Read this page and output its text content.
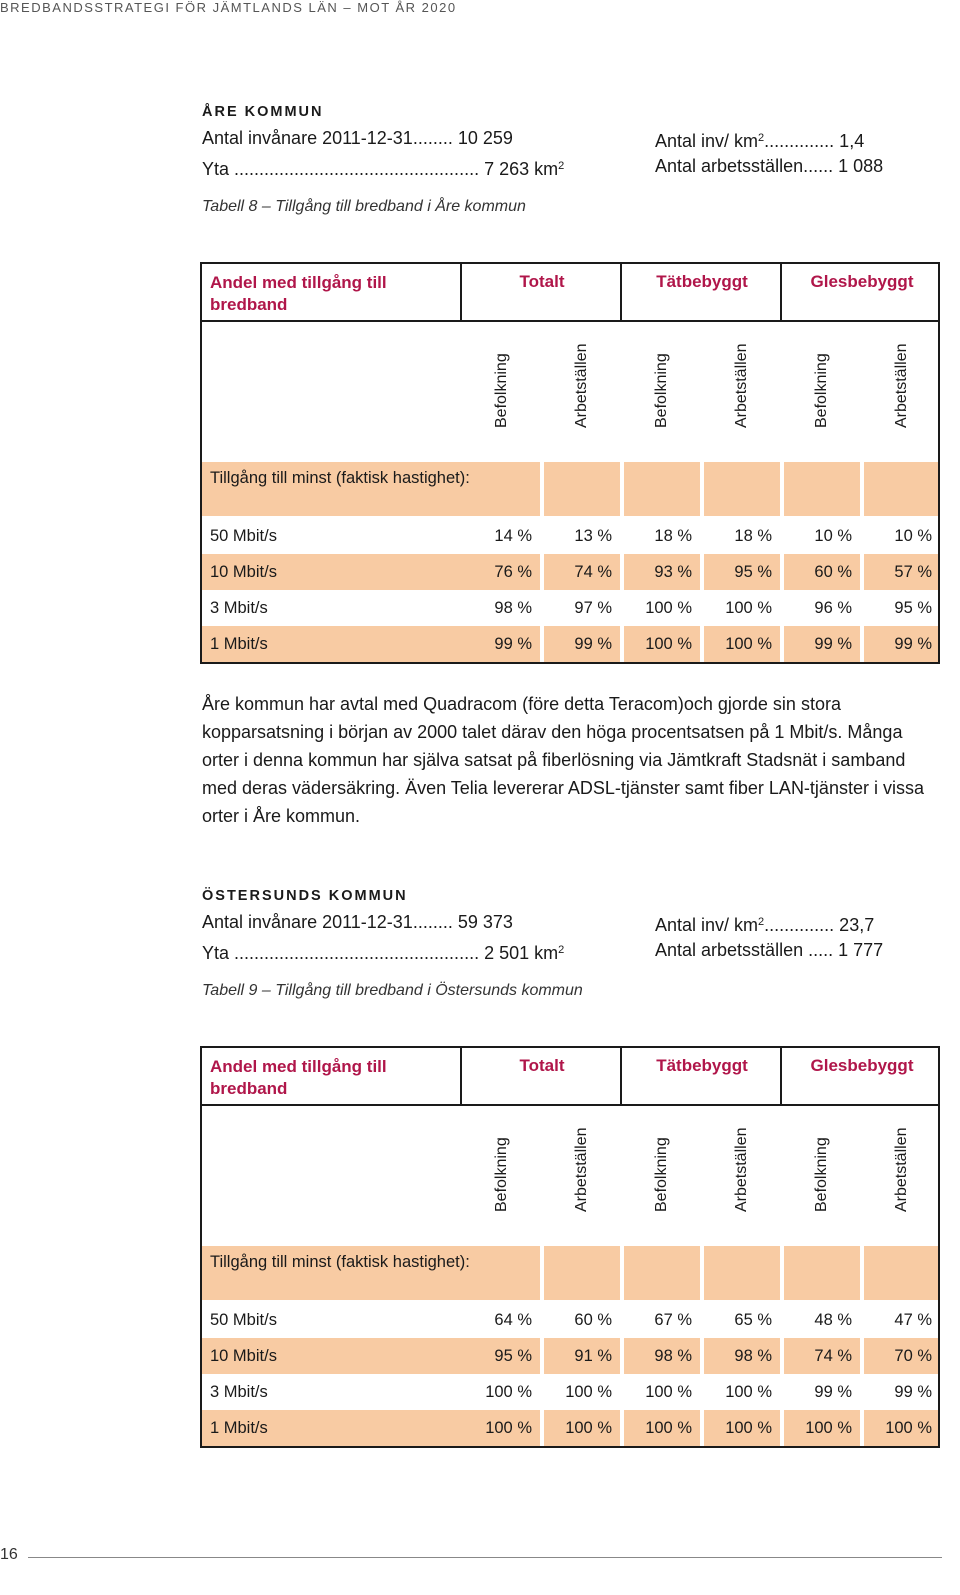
BREDBANDSSTRATEGI FÖR JÄMTLANDS LÄN – MOT ÅR 2020
ÅRE KOMMUN
Antal invånare 2011-12-31........ 10 259
Yta ................................................. 7 263 $km^2$
Antal inv/ $km^2$.............. 1,4
Antal arbetsställen...... 1 088
Tabell 8 – Tillgång till bredband i Åre kommun
Andel med tillgång till bredband
Totalt	Tätbebyggt	Glesbebyggt
Befolkning	Arbetställen	Befolkning	Arbetställen	Befolkning	Arbetställen
Tillgång till minst (faktisk hastighet):
50 Mbit/s	14 %	13 %	18 %	18 %	10 %	10 %
10 Mbit/s	76 %	74 %	93 %	95 %	60 %	57 %
3 Mbit/s	98 %	97 %	100 %	100 %	96 %	95 %
1 Mbit/s	99 %	99 %	100 %	100 %	99 %	99 %
Åre kommun har avtal med Quadracom (före detta Teracom)och gjorde sin stora kopparsatsning i början av 2000 talet därav den höga procentsatsen på 1 Mbit/s. Många orter i denna kommun har själva satsat på fiberlösning via Jämtkraft Stadsnät i samband med deras vädersäkring. Även Telia levererar ADSL-tjänster samt fiber LAN-tjänster i vissa orter i Åre kommun.
ÖSTERSUNDS KOMMUN
Antal invånare 2011-12-31........ 59 373
Yta ................................................. 2 501 $km^2$
Antal inv/ $km^2$.............. 23,7
Antal arbetsställen ..... 1 777
Tabell 9 – Tillgång till bredband i Östersunds kommun
Andel med tillgång till bredband
Totalt	Tätbebyggt	Glesbebyggt
Befolkning	Arbetställen	Befolkning	Arbetställen	Befolkning	Arbetställen
Tillgång till minst (faktisk hastighet):
50 Mbit/s	64 %	60 %	67 %	65 %	48 %	47 %
10 Mbit/s	95 %	91 %	98 %	98 %	74 %	70 %
3 Mbit/s	100 %	100 %	100 %	100 %	99 %	99 %
1 Mbit/s	100 %	100 %	100 %	100 %	100 %	100 %
16
